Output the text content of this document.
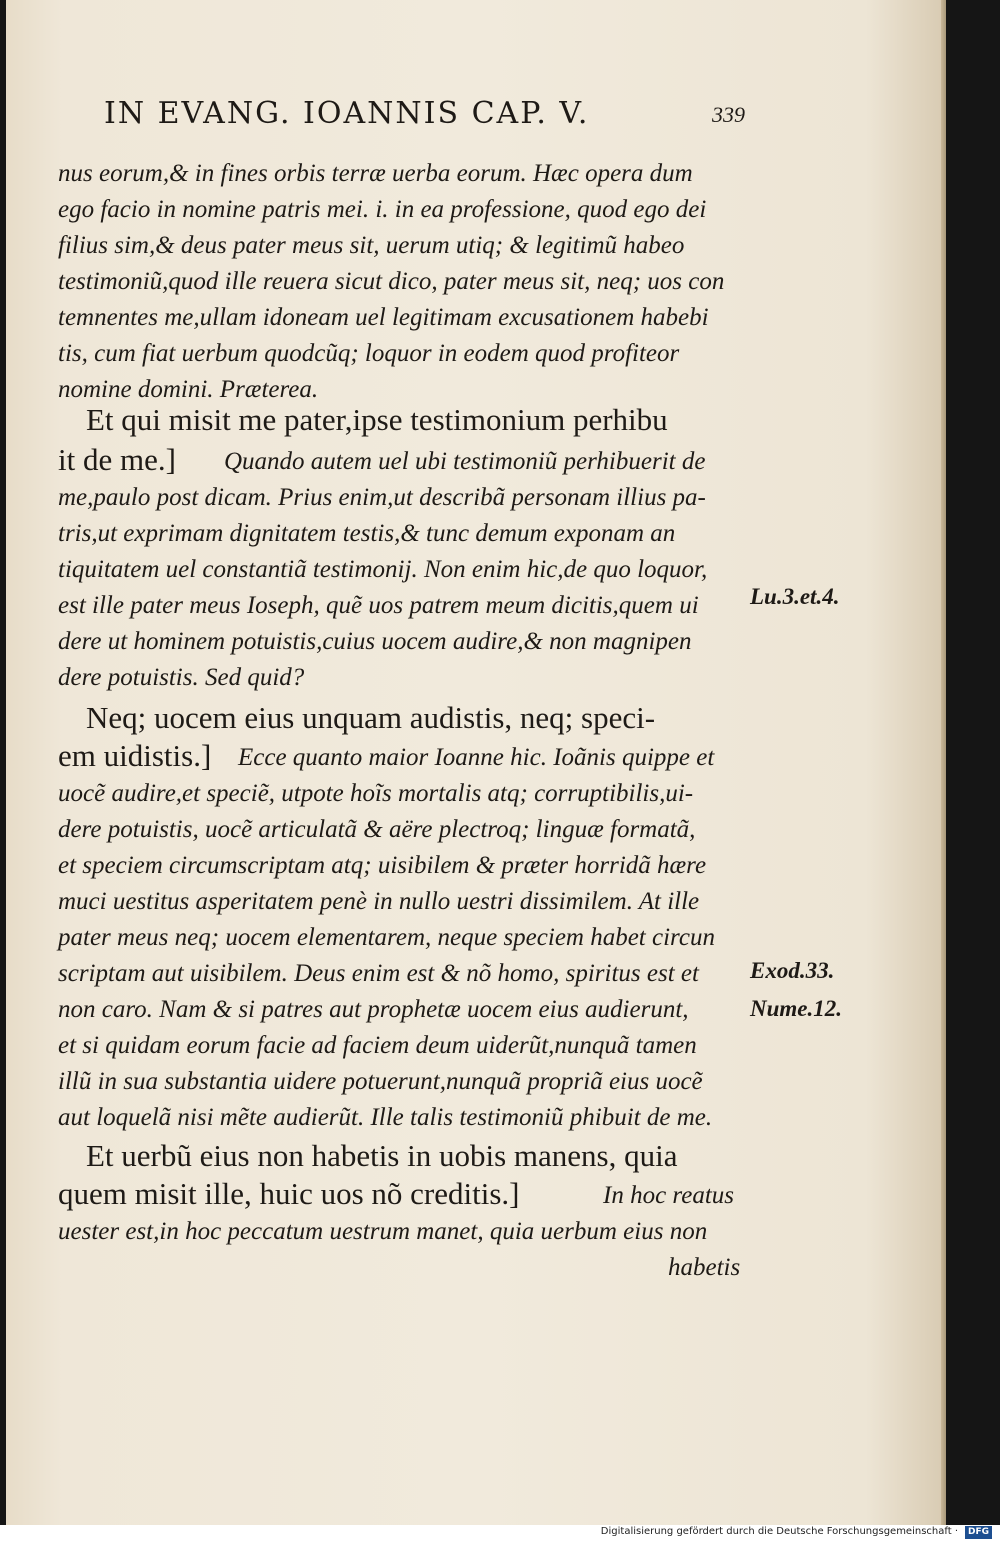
IN EVANG. IOANNIS CAP. V.	339
nus eorum,& in fines orbis terræ uerba eorum. Hæc opera dum
ego facio in nomine patris mei. i. in ea professione, quod ego dei
filius sim,& deus pater meus sit, uerum utiq; & legitimũ habeo
testimoniũ,quod ille reuera sicut dico, pater meus sit, neq; uos con
temnentes me,ullam idoneam uel legitimam excusationem habebi
tis, cum fiat uerbum quodcũq; loquor in eodem quod profiteor
nomine domini. Præterea.
Et qui misit me pater,ipse testimonium perhibu
it de me.] Quando autem uel ubi testimoniũ perhibuerit de
me,paulo post dicam. Prius enim,ut describã personam illius pa-
tris,ut exprimam dignitatem testis,& tunc demum exponam an
tiquitatem uel constantiã testimonij. Non enim hic,de quo loquor,
est ille pater meus Ioseph, quẽ uos patrem meum dicitis,quem ui
dere ut hominem potuistis,cuius uocem audire,& non magnipen
dere potuistis. Sed quid?
Neq; uocem eius unquam audistis, neq; speci-
em uidistis.] Ecce quanto maior Ioanne hic. Ioãnis quippe et
uocẽ audire,et speciẽ, utpote hoĩs mortalis atq; corruptibilis,ui-
dere potuistis, uocẽ articulatã & aëre plectroq; linguæ formatã,
et speciem circumscriptam atq; uisibilem & præter horridã hære
muci uestitus asperitatem penè in nullo uestri dissimilem. At ille
pater meus neq; uocem elementarem, neque speciem habet circun
scriptam aut uisibilem. Deus enim est & nõ homo, spiritus est et
non caro. Nam & si patres aut prophetæ uocem eius audierunt,
et si quidam eorum facie ad faciem deum uiderũt,nunquã tamen
illũ in sua substantia uidere potuerunt,nunquã propriã eius uocẽ
aut loquelã nisi mẽte audierũt. Ille talis testimoniũ phibuit de me.
Et uerbũ eius non habetis in uobis manens, quia
quem misit ille, huic uos nõ creditis.]	In hoc reatus
uester est,in hoc peccatum uestrum manet, quia uerbum eius non
habetis
Lu.3.et.4.
Exod.33.
Nume.12.
Digitalisierung gefördert durch die Deutsche Forschungsgemeinschaft ·	DFG
